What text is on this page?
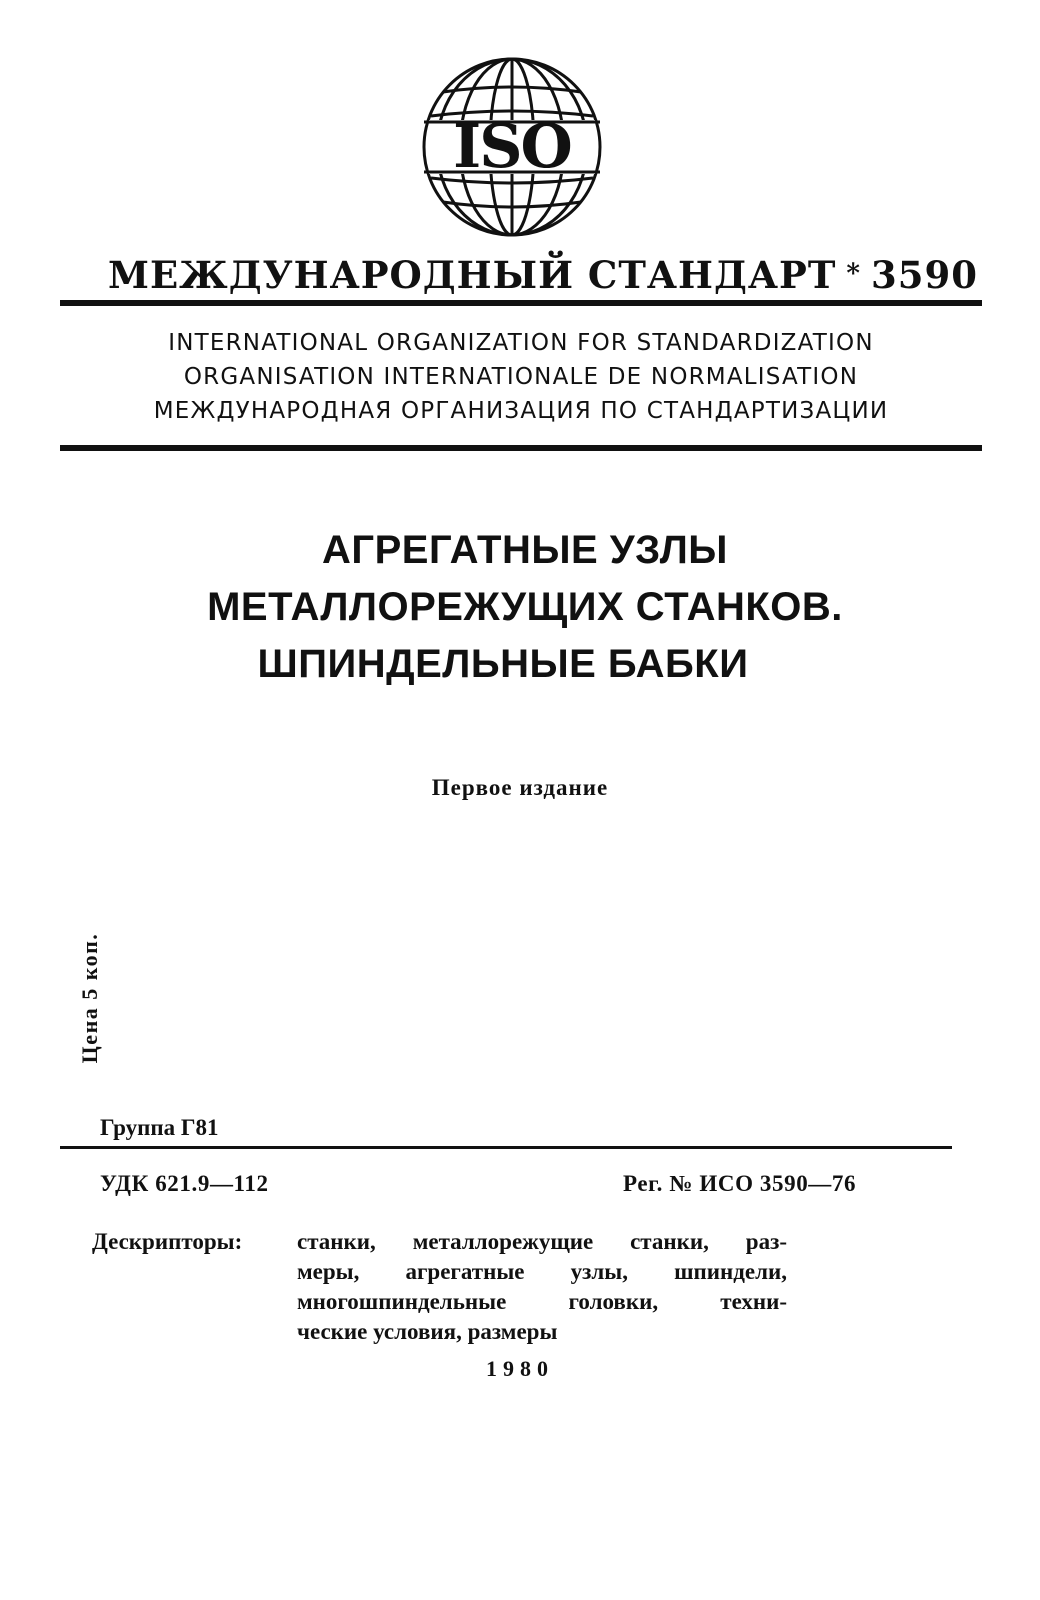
ISO
МЕЖДУНАРОДНЫЙ СТАНДАРТ * 3590
INTERNATIONAL ORGANIZATION FOR STANDARDIZATION
ORGANISATION INTERNATIONALE DE NORMALISATION
МЕЖДУНАРОДНАЯ ОРГАНИЗАЦИЯ ПО СТАНДАРТИЗАЦИИ
АГРЕГАТНЫЕ УЗЛЫ
МЕТАЛЛОРЕЖУЩИХ СТАНКОВ.
ШПИНДЕЛЬНЫЕ БАБКИ
Первое издание
Цена 5 коп.
Группа Г81
УДК 621.9—112	Рег. № ИСО 3590—76
Дескрипторы: станки, металлорежущие станки, раз-
меры, агрегатные узлы, шпиндели,
многошпиндельные головки, техни-
ческие условия, размеры
1980
